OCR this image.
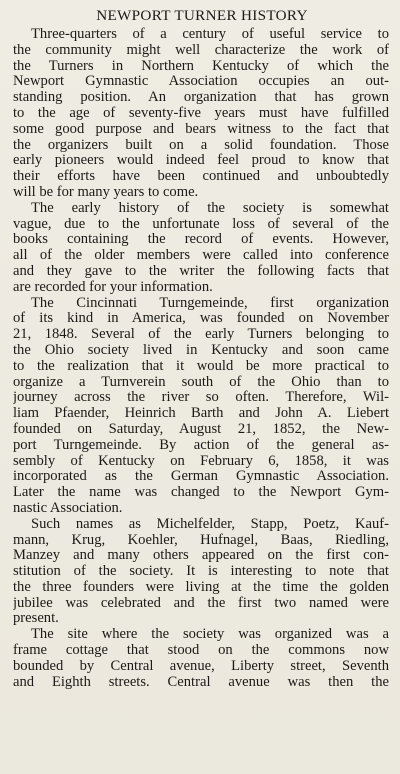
NEWPORT TURNER HISTORY
Three-quarters of a century of useful service to
the community might well characterize the work of
the Turners in Northern Kentucky of which the
Newport Gymnastic Association occupies an out-
standing position. An organization that has grown
to the age of seventy-five years must have fulfilled
some good purpose and bears witness to the fact that
the organizers built on a solid foundation. Those
early pioneers would indeed feel proud to know that
their efforts have been continued and unboubtedly
will be for many years to come.
The early history of the society is somewhat
vague, due to the unfortunate loss of several of the
books containing the record of events. However,
all of the older members were called into conference
and they gave to the writer the following facts that
are recorded for your information.
The Cincinnati Turngemeinde, first organization
of its kind in America, was founded on November
21, 1848. Several of the early Turners belonging to
the Ohio society lived in Kentucky and soon came
to the realization that it would be more practical to
organize a Turnverein south of the Ohio than to
journey across the river so often. Therefore, Wil-
liam Pfaender, Heinrich Barth and John A. Liebert
founded on Saturday, August 21, 1852, the New-
port Turngemeinde. By action of the general as-
sembly of Kentucky on February 6, 1858, it was
incorporated as the German Gymnastic Association.
Later the name was changed to the Newport Gym-
nastic Association.
Such names as Michelfelder, Stapp, Poetz, Kauf-
mann, Krug, Koehler, Hufnagel, Baas, Riedling,
Manzey and many others appeared on the first con-
stitution of the society. It is interesting to note that
the three founders were living at the time the golden
jubilee was celebrated and the first two named were
present.
The site where the society was organized was a
frame cottage that stood on the commons now
bounded by Central avenue, Liberty street, Seventh
and Eighth streets. Central avenue was then the
